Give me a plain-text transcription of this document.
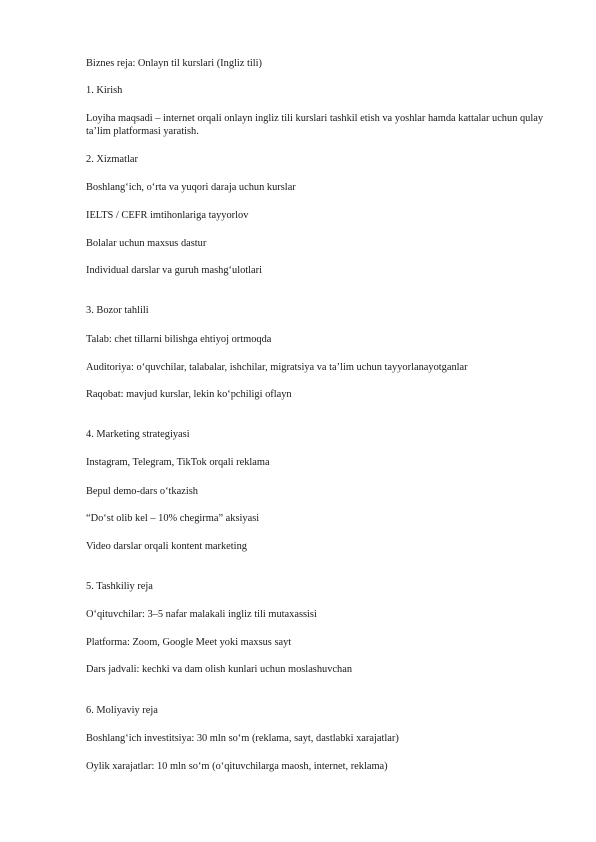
Biznes reja: Onlayn til kurslari (Ingliz tili)
1. Kirish
Loyiha maqsadi – internet orqali onlayn ingliz tili kurslari tashkil etish va yoshlar hamda kattalar uchun qulay ta’lim platformasi yaratish.
2. Xizmatlar
Boshlang‘ich, o‘rta va yuqori daraja uchun kurslar
IELTS / CEFR imtihonlariga tayyorlov
Bolalar uchun maxsus dastur
Individual darslar va guruh mashg‘ulotlari
3. Bozor tahlili
Talab: chet tillarni bilishga ehtiyoj ortmoqda
Auditoriya: o‘quvchilar, talabalar, ishchilar, migratsiya va ta’lim uchun tayyorlanayotganlar
Raqobat: mavjud kurslar, lekin ko‘pchiligi oflayn
4. Marketing strategiyasi
Instagram, Telegram, TikTok orqali reklama
Bepul demo-dars o‘tkazish
“Do‘st olib kel – 10% chegirma” aksiyasi
Video darslar orqali kontent marketing
5. Tashkiliy reja
O‘qituvchilar: 3–5 nafar malakali ingliz tili mutaxassisi
Platforma: Zoom, Google Meet yoki maxsus sayt
Dars jadvali: kechki va dam olish kunlari uchun moslashuvchan
6. Moliyaviy reja
Boshlang‘ich investitsiya: 30 mln so‘m (reklama, sayt, dastlabki xarajatlar)
Oylik xarajatlar: 10 mln so‘m (o‘qituvchilarga maosh, internet, reklama)
